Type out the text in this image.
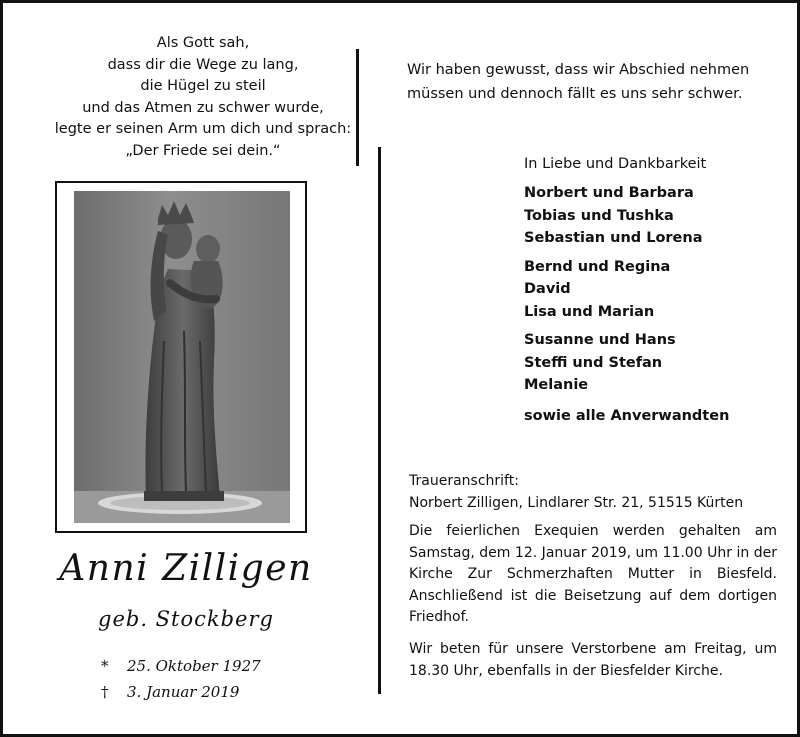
Als Gott sah,
dass dir die Wege zu lang,
die Hügel zu steil
und das Atmen zu schwer wurde,
legte er seinen Arm um dich und sprach:
„Der Friede sei dein.“
Anni Zilligen
geb. Stockberg
* 25. Oktober 1927
† 3. Januar 2019
Wir haben gewusst, dass wir Abschied nehmen
müssen und dennoch fällt es uns sehr schwer.
In Liebe und Dankbarkeit
Norbert und Barbara
Tobias und Tushka
Sebastian und Lorena
Bernd und Regina
David
Lisa und Marian
Susanne und Hans
Steffi und Stefan
Melanie
sowie alle Anverwandten
Traueranschrift:
Norbert Zilligen, Lindlarer Str. 21, 51515 Kürten
Die feierlichen Exequien werden gehalten am Samstag, dem 12. Januar 2019, um 11.00 Uhr in der Kirche Zur Schmerzhaften Mutter in Biesfeld. Anschließend ist die Beisetzung auf dem dortigen Friedhof.
Wir beten für unsere Verstorbene am Freitag, um 18.30 Uhr, ebenfalls in der Biesfelder Kirche.
